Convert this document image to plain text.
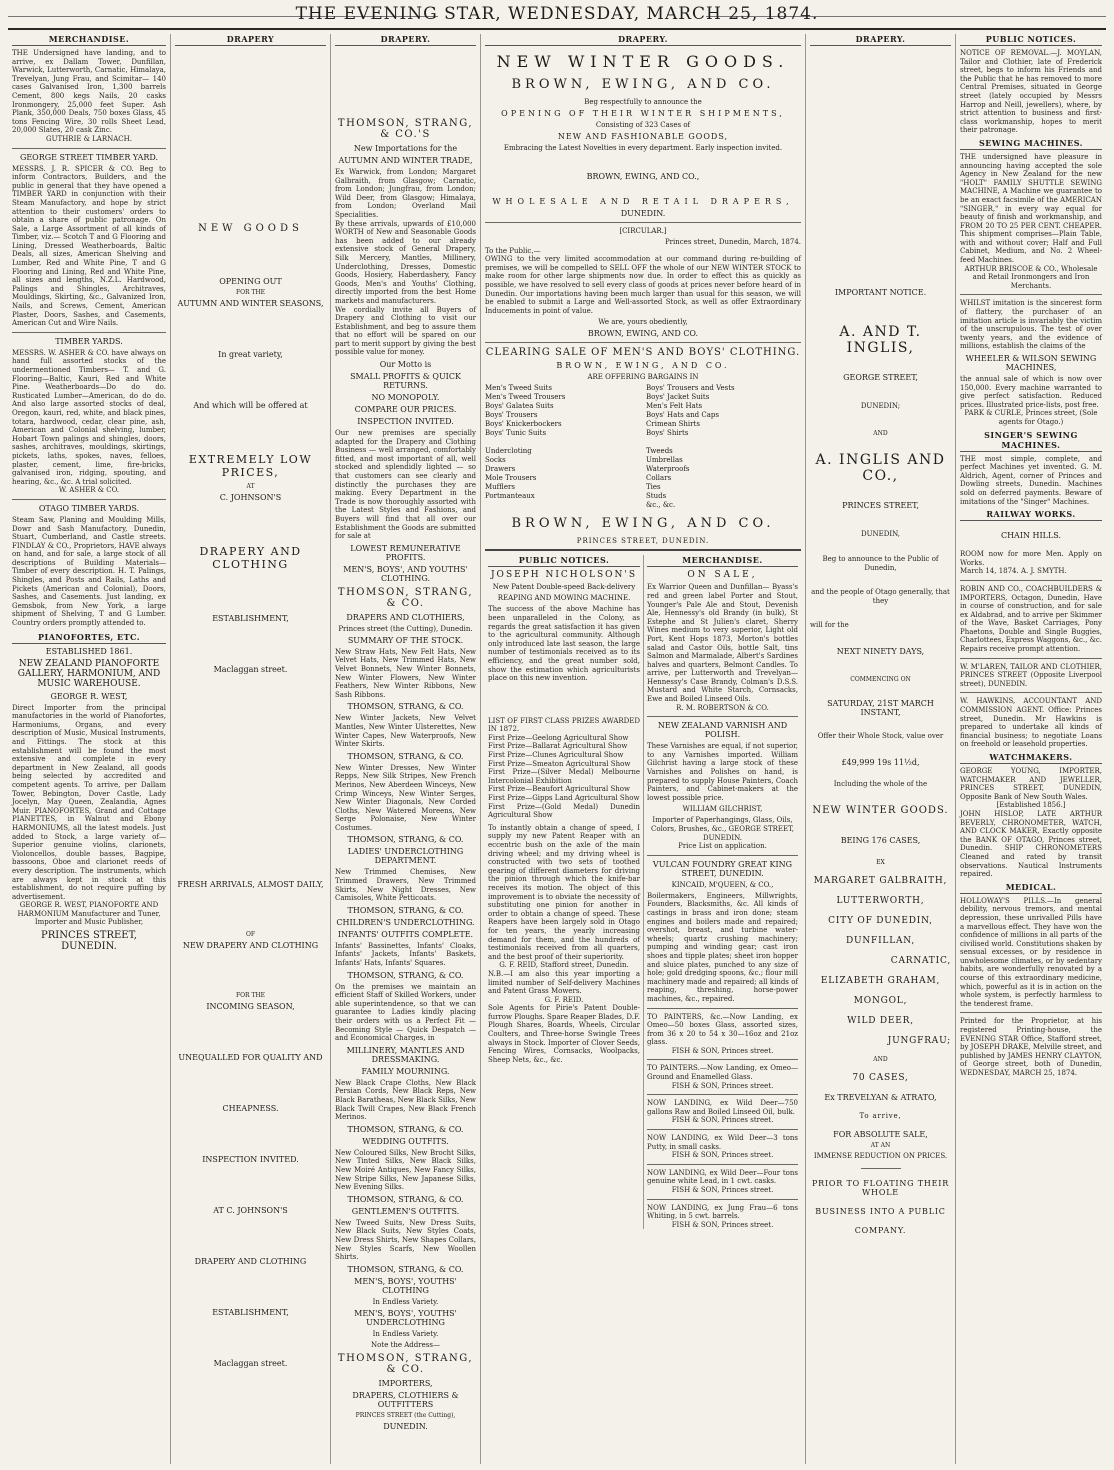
THE EVENING STAR, WEDNESDAY, MARCH 25, 1874.
MERCHANDISE.
THE Undersigned have landing, and to arrive, ex Dallam Tower, Dunfillan, Warwick, Lutterworth, Carnatic, Himalaya, Trevelyan, Jung Frau, and Scimitar— 140 cases Galvanised Iron, 1,300 barrels Cement, 800 kegs Nails, 20 casks Ironmongery, 25,000 feet Super. Ash Plank, 350,000 Deals, 750 boxes Glass, 45 tons Fencing Wire, 30 rolls Sheet Lead, 20,000 Slates, 20 cask Zinc.
GUTHRIE & LARNACH.
GEORGE STREET TIMBER YARD.
MESSRS. J. R. SPICER & CO. Beg to inform Contractors, Builders, and the public in general that they have opened a TIMBER YARD in conjunction with their Steam Manufactory, and hope by strict attention to their customers' orders to obtain a share of public patronage. On Sale, a Large Assortment of all kinds of Timber, viz.— Scotch T and G Flooring and Lining, Dressed Weatherboards, Baltic Deals, all sizes, American Shelving and Lumber, Red and White Pine, T and G Flooring and Lining, Red and White Pine, all sizes and lengths, N.Z.L. Hardwood, Palings and Shingles, Architraves, Mouldings, Skirting, &c., Galvanized Iron, Nails, and Screws, Cement, American Plaster, Doors, Sashes, and Casements, American Cut and Wire Nails.
TIMBER YARDS.
MESSRS. W. ASHER & CO. have always on hand full assorted stocks of the undermentioned Timbers— T. and G. Flooring—Baltic, Kauri, Red and White Pine. Weatherboards—Do do do. Rusticated Lumber—American, do do do. And also large assorted stocks of deal, Oregon, kauri, red, white, and black pines, totara, hardwood, cedar, clear pine, ash, American and Colonial shelving, lumber, Hobart Town palings and shingles, doors, sashes, architraves, mouldings, skirtings, pickets, laths, spokes, naves, felloes, plaster, cement, lime, fire-bricks, galvanised iron, ridging, spouting, and hearing, &c., &c. A trial solicited.
W. ASHER & CO.
OTAGO TIMBER YARDS.
Steam Saw, Planing and Moulding Mills, Dowr and Sash Manufactory, Dunedin, Stuart, Cumberland, and Castle streets. FINDLAY & CO., Proprietors, HAVE always on hand, and for sale, a large stock of all descriptions of Building Materials— Timber of every description. H. T. Palings, Shingles, and Posts and Rails, Laths and Pickets (American and Colonial), Doors, Sashes, and Casements. Just landing, ex Gemsbok, from New York, a large shipment of Shelving, T and G Lumber. Country orders promptly attended to.
PIANOFORTES, ETC.
ESTABLISHED 1861.
NEW ZEALAND PIANOFORTE GALLERY, HARMONIUM, AND MUSIC WAREHOUSE.
GEORGE R. WEST,
Direct Importer from the principal manufactories in the world of Pianofortes, Harmoniums, Organs, and every description of Music, Musical Instruments, and Fittings. The stock at this establishment will be found the most extensive and complete in every department in New Zealand, all goods being selected by accredited and competent agents. To arrive, per Dallam Tower, Bebington, Dover Castle, Lady Jocelyn, May Queen, Zealandia, Agnes Muir. PIANOFORTES, Grand and Cottage PIANETTES, in Walnut and Ebony HARMONIUMS, all the latest models. Just added to Stock, a large variety of— Superior genuine violins, clarionets, Violoncellos, double basses, Bagpipe, bassoons, Oboe and clarionet reeds of every description. The instruments, which are always kept in stock at this establishment, do not require puffing by advertisement.
GEORGE R. WEST, PIANOFORTE AND HARMONIUM Manufacturer and Tuner, Importer and Music Publisher,
PRINCES STREET, DUNEDIN.
DRAPERY
NEW GOODS
OPENING OUT
FOR THE
AUTUMN AND WINTER SEASONS,
In great variety,
And which will be offered at
EXTREMELY LOW PRICES,
AT
C. JOHNSON'S
DRAPERY AND CLOTHING
ESTABLISHMENT,
Maclaggan street.
FRESH ARRIVALS, ALMOST DAILY,
OF
NEW DRAPERY AND CLOTHING
FOR THE
INCOMING SEASON,
UNEQUALLED FOR QUALITY AND
CHEAPNESS.
INSPECTION INVITED.
AT C. JOHNSON'S
DRAPERY AND CLOTHING
ESTABLISHMENT,
Maclaggan street.
DRAPERY.
THOMSON, STRANG, & CO.'S
New Importations for the
AUTUMN AND WINTER TRADE,
Ex Warwick, from London; Margaret Galbraith, from Glasgow; Carnatic, from London; Jungfrau, from London; Wild Deer, from Glasgow; Himalaya, from London; Overland Mail Specialities.
By these arrivals, upwards of £10,000 WORTH of New and Seasonable Goods has been added to our already extensive stock of General Drapery, Silk Mercery, Mantles, Millinery, Underclothing, Dresses, Domestic Goods, Hosiery, Haberdashery, Fancy Goods, Men's and Youths' Clothing, directly imported from the best Home markets and manufacturers.
We cordially invite all Buyers of Drapery and Clothing to visit our Establishment, and beg to assure them that no effort will be spared on our part to merit support by giving the best possible value for money.
Our Motto is
SMALL PROFITS & QUICK RETURNS.
NO MONOPOLY.
COMPARE OUR PRICES.
INSPECTION INVITED.
Our new premises are specially adapted for the Drapery and Clothing Business — well arranged, comfortably fitted, and most important of all, well stocked and splendidly lighted — so that customers can see clearly and distinctly the purchases they are making. Every Department in the Trade is now thoroughly assorted with the Latest Styles and Fashions, and Buyers will find that all over our Establishment the Goods are submitted for sale at
LOWEST REMUNERATIVE PROFITS.
MEN'S, BOYS', AND YOUTHS' CLOTHING.
THOMSON, STRANG, & CO.
DRAPERS AND CLOTHIERS,
Princes street (the Cutting), Dunedin.
SUMMARY OF THE STOCK.
New Straw Hats, New Felt Hats, New Velvet Hats, New Trimmed Hats, New Velvet Bonnets, New Winter Bonnets, New Winter Flowers, New Winter Feathers, New Winter Ribbons, New Sash Ribbons.
THOMSON, STRANG, & CO.
New Winter Jackets, New Velvet Mantles, New Winter Ulsterettes, New Winter Capes, New Waterproofs, New Winter Skirts.
THOMSON, STRANG, & CO.
New Winter Dresses, New Winter Repps, New Silk Stripes, New French Merinos, New Aberdeen Winceys, New Crimp Winceys, New Winter Serges, New Winter Diagonals, New Corded Cloths, New Watered Moreens, New Serge Polonaise, New Winter Costumes.
THOMSON, STRANG, & CO.
LADIES' UNDERCLOTHING DEPARTMENT.
New Trimmed Chemises, New Trimmed Drawers, New Trimmed Skirts, New Night Dresses, New Camisoles, White Petticoats.
THOMSON, STRANG, & CO.
CHILDREN'S UNDERCLOTHING.
INFANTS' OUTFITS COMPLETE.
Infants' Bassinettes, Infants' Cloaks, Infants' Jackets, Infants' Baskets, Infants' Hats, Infants' Squares.
THOMSON, STRANG, & CO.
On the premises we maintain an efficient Staff of Skilled Workers, under able superintendence, so that we can guarantee to Ladies kindly placing their orders with us a Perfect Fit — Becoming Style — Quick Despatch — and Economical Charges, in
MILLINERY, MANTLES AND DRESSMAKING.
FAMILY MOURNING.
New Black Crape Cloths, New Black Persian Cords, New Black Reps, New Black Baratheas, New Black Silks, New Black Twill Crapes, New Black French Merinos.
THOMSON, STRANG, & CO.
WEDDING OUTFITS.
New Coloured Silks, New Brocht Silks, New Tinted Silks, New Black Silks, New Moiré Antiques, New Fancy Silks, New Stripe Silks, New Japanese Silks, New Evening Silks.
THOMSON, STRANG, & CO.
GENTLEMEN'S OUTFITS.
New Tweed Suits, New Dress Suits, New Black Suits, New Styles Coats, New Dress Shirts, New Shapes Collars, New Styles Scarfs, New Woollen Shirts.
THOMSON, STRANG, & CO.
MEN'S, BOYS', YOUTHS' CLOTHING
In Endless Variety.
MEN'S, BOYS', YOUTHS' UNDERCLOTHING
In Endless Variety.
Note the Address—
THOMSON, STRANG, & CO.
IMPORTERS,
DRAPERS, CLOTHIERS & OUTFITTERS
PRINCES STREET (the Cutting),
DUNEDIN.
DRAPERY.
NEW WINTER GOODS.
BROWN, EWING, AND CO.
Beg respectfully to announce the
OPENING OF THEIR WINTER SHIPMENTS,
Consisting of 323 Cases of
NEW AND FASHIONABLE GOODS,
Embracing the Latest Novelties in every department. Early inspection invited.
BROWN, EWING, AND CO.,
WHOLESALE AND RETAIL DRAPERS,
DUNEDIN.
[CIRCULAR.]
Princes street, Dunedin, March, 1874.
To the Public,—
OWING to the very limited accommodation at our command during re-building of premises, we will be compelled to SELL OFF the whole of our NEW WINTER STOCK to make room for other large shipments now due. In order to effect this as quickly as possible, we have resolved to sell every class of goods at prices never before heard of in Dunedin. Our importations having been much larger than usual for this season, we will be enabled to submit a Large and Well-assorted Stock, as well as offer Extraordinary Inducements in point of value.
We are, yours obediently,
BROWN, EWING, AND CO.
CLEARING SALE OF MEN'S AND BOYS' CLOTHING.
BROWN, EWING, AND CO.
ARE OFFERING BARGAINS IN
Men's Tweed Suits
Men's Tweed Trousers
Boys' Galatea Suits
Boys' Trousers
Boys' Knickerbockers
Boys' Tunic Suits
Undercloting
Socks
Drawers
Mole Trousers
Mufflers
Portmanteaux
Boys' Trousers and Vests
Boys' Jacket Suits
Men's Felt Hats
Boys' Hats and Caps
Crimean Shirts
Boys' Shirts
Tweeds
Umbrellas
Waterproofs
Collars
Ties
Studs
&c., &c.
BROWN, EWING, AND CO.
PRINCES STREET, DUNEDIN.
PUBLIC NOTICES.
JOSEPH NICHOLSON'S
New Patent Double-speed Back-delivery
REAPING AND MOWING MACHINE.
The success of the above Machine has been unparalleled in the Colony, as regards the great satisfaction it has given to the agricultural community. Although only introduced late last season, the large number of testimonials received as to its efficiency, and the great number sold, show the estimation which agriculturists place on this new invention.
LIST OF FIRST CLASS PRIZES AWARDED IN 1872.
First Prize—Geelong Agricultural Show
First Prize—Ballarat Agricultural Show
First Prize—Clunes Agricultural Show
First Prize—Smeaton Agricultural Show
First Prize—(Silver Medal) Melbourne Intercolonial Exhibition
First Prize—Beaufort Agricultural Show
First Prize—Gipps Land Agricultural Show
First Prize—(Gold Medal) Dunedin Agricultural Show
To instantly obtain a change of speed, I supply my new Patent Reaper with an eccentric bush on the axle of the main driving wheel; and my driving wheel is constructed with two sets of toothed gearing of different diameters for driving the pinion through which the knife-bar receives its motion. The object of this improvement is to obviate the necessity of substituting one pinion for another in order to obtain a change of speed. These Reapers have been largely sold in Otago for ten years, the yearly increasing demand for them, and the hundreds of testimonials received from all quarters, and the best proof of their superiority.
G. F. REID, Stafford street, Dunedin.
N.B.—I am also this year importing a limited number of Self-delivery Machines and Patent Grass Mowers.
G. F. REID.
Sole Agents for Pirie's Patent Double-furrow Ploughs. Spare Reaper Blades, D.F. Plough Shares, Boards, Wheels, Circular Coulters, and Three-horse Swingle Trees always in Stock. Importer of Clover Seeds, Fencing Wires, Cornsacks, Woolpacks, Sheep Nets, &c., &c.
MERCHANDISE.
ON SALE,
Ex Warrior Queen and Dunfillan— Byass's red and green label Porter and Stout, Younger's Pale Ale and Stout, Devenish Ale, Hennessy's old Brandy (in bulk), St Estephe and St Julien's claret, Sherry Wines medium to very superior, Light old Port, Kent Hops 1873, Morton's bottles salad and Castor Oils, bottle Salt, tins Salmon and Marmalade, Albert's Sardines halves and quarters, Belmont Candles. To arrive, per Lutterworth and Trevelyan— Hennessy's Case Brandy, Colman's D.S.S. Mustard and White Starch, Cornsacks, Ewe and Boiled Linseed Oils.
R. M. ROBERTSON & CO.
NEW ZEALAND VARNISH AND POLISH.
These Varnishes are equal, if not superior, to any Varnishes imported. William Gilchrist having a large stock of these Varnishes and Polishes on hand, is prepared to supply House Painters, Coach Painters, and Cabinet-makers at the lowest possible price.
WILLIAM GILCHRIST,
Importer of Paperhangings, Glass, Oils, Colors, Brushes, &c., GEORGE STREET, DUNEDIN.
Price List on application.
VULCAN FOUNDRY GREAT KING STREET, DUNEDIN.
KINCAID, M'QUEEN, & CO.,
Boilermakers, Engineers, Millwrights, Founders, Blacksmiths, &c. All kinds of castings in brass and iron done; steam engines and boilers made and repaired; overshot, breast, and turbine water-wheels; quartz crushing machinery; pumping and winding gear; cast iron shoes and tipple plates; sheet iron hopper and sluice plates, punched to any size of hole; gold dredging spoons, &c.; flour mill machinery made and repaired; all kinds of reaping, threshing, horse-power machines, &c., repaired.
TO PAINTERS, &c.—Now Landing, ex Omeo—50 boxes Glass, assorted sizes, from 36 x 20 to 54 x 30—16oz and 21oz glass.
FISH & SON, Princes street.
TO PAINTERS.—Now Landing, ex Omeo—Ground and Enamelled Glass.
FISH & SON, Princes street.
NOW LANDING, ex Wild Deer—750 gallons Raw and Boiled Linseed Oil, bulk.
FISH & SON, Princes street.
NOW LANDING, ex Wild Deer—3 tons Putty, in small casks.
FISH & SON, Princes street.
NOW LANDING, ex Wild Deer—Four tons genuine white Lead, in 1 cwt. casks.
FISH & SON, Princes street.
NOW LANDING, ex Jung Frau—6 tons Whiting, in 5 cwt. barrels.
FISH & SON, Princes street.
DRAPERY.
IMPORTANT NOTICE.
A. AND T. INGLIS,
GEORGE STREET,
DUNEDIN;
AND
A. INGLIS AND CO.,
PRINCES STREET,
DUNEDIN,
Beg to announce to the Public of Dunedin,
and the people of Otago generally, that they
will for the
NEXT NINETY DAYS,
COMMENCING ON
SATURDAY, 21ST MARCH INSTANT,
Offer their Whole Stock, value over
£49,999 19s 11½d,
Including the whole of the
NEW WINTER GOODS.
BEING 176 CASES,
EX
MARGARET GALBRAITH,
LUTTERWORTH,
CITY OF DUNEDIN,
DUNFILLAN,
CARNATIC,
ELIZABETH GRAHAM,
MONGOL,
WILD DEER,
JUNGFRAU;
AND
70 CASES,
Ex TREVELYAN & ATRATO,
To arrive,
FOR ABSOLUTE SALE,
AT AN
IMMENSE REDUCTION ON PRICES.
PRIOR TO FLOATING THEIR WHOLE
BUSINESS INTO A PUBLIC
COMPANY.
PUBLIC NOTICES.
NOTICE OF REMOVAL.—J. MOYLAN, Tailor and Clothier, late of Frederick street, begs to inform his Friends and the Public that he has removed to more Central Premises, situated in George street (lately occupied by Messrs Harrop and Neill, jewellers), where, by strict attention to business and first-class workmanship, hopes to merit their patronage.
SEWING MACHINES.
THE undersigned have pleasure in announcing having accepted the sole Agency in New Zealand for the new "HOLT" FAMILY SHUTTLE SEWING MACHINE, A Machine we guarantee to be an exact facsimile of the AMERICAN "SINGER," in every way equal for beauty of finish and workmanship, and FROM 20 TO 25 PER CENT. CHEAPER. This shipment comprises—Plain Table, with and without cover; Half and Full Cabinet, Medium, and No. 2 Wheel-feed Machines.
ARTHUR BRISCOE & CO., Wholesale and Retail Ironmongers and Iron Merchants.
WHILST imitation is the sincerest form of flattery, the purchaser of an imitation article is invariably the victim of the unscrupulous. The test of over twenty years, and the evidence of millions, establish the claims of the
WHEELER & WILSON SEWING MACHINES,
the annual sale of which is now over 150,000. Every machine warranted to give perfect satisfaction. Reduced prices. Illustrated price-lists, post free.
PARK & CURLE, Princes street, (Sole agents for Otago.)
SINGER'S SEWING MACHINES.
THE most simple, complete, and perfect Machines yet invented. G. M. Aldrich, Agent, corner of Princes and Dowling streets, Dunedin. Machines sold on deferred payments. Beware of imitations of the "Singer" Machines.
RAILWAY WORKS.
CHAIN HILLS.
ROOM now for more Men. Apply on Works.
March 14, 1874. A. J. SMYTH.
ROBIN AND CO., COACHBUILDERS & IMPORTERS, Octagon, Dunedin, Have in course of construction, and for sale ex Aldabrad, and to arrive per Skimmer of the Wave, Basket Carriages, Pony Phaetons, Double and Single Buggies, Charlottees, Express Waggons, &c., &c. Repairs receive prompt attention.
W. M'LAREN, TAILOR AND CLOTHIER, PRINCES STREET (Opposite Liverpool street), DUNEDIN.
W. HAWKINS, ACCOUNTANT AND COMMISSION AGENT. Office: Princes street, Dunedin. Mr Hawkins is prepared to undertake all kinds of financial business; to negotiate Loans on freehold or leasehold properties.
WATCHMAKERS.
GEORGE YOUNG, IMPORTER, WATCHMAKER AND JEWELLER, PRINCES STREET, DUNEDIN, Opposite Bank of New South Wales.
[Established 1856.]
JOHN HISLOP, LATE ARTHUR BEVERLY, CHRONOMETER, WATCH, AND CLOCK MAKER, Exactly opposite the BANK OF OTAGO, Princes street, Dunedin. SHIP CHRONOMETERS Cleaned and rated by transit observations. Nautical Instruments repaired.
MEDICAL.
HOLLOWAY'S PILLS.—In general debility, nervous tremors, and mental depression, these unrivalled Pills have a marvellous effect. They have won the confidence of millions in all parts of the civilised world. Constitutions shaken by sensual excesses, or by residence in unwholesome climates, or by sedentary habits, are wonderfully renovated by a course of this extraordinary medicine, which, powerful as it is in action on the whole system, is perfectly harmless to the tenderest frame.
Printed for the Proprietor, at his registered Printing-house, the EVENING STAR Office, Stafford street, by JOSEPH DRAKE, Melville street, and published by JAMES HENRY CLAYTON, of George street, both of Dunedin, WEDNESDAY, MARCH 25, 1874.
